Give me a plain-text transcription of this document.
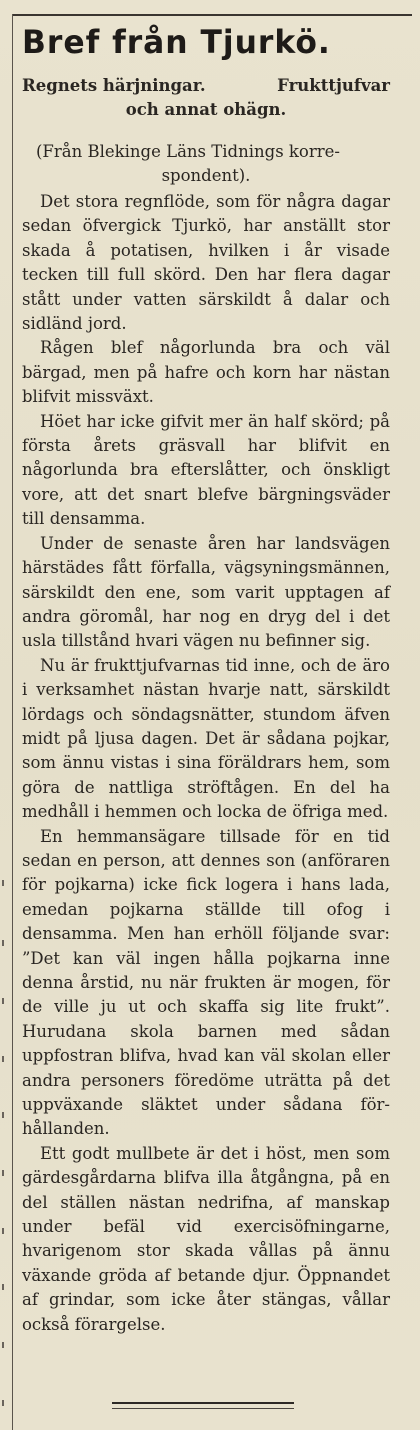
Bref från Tjurkö.
Regnets härjningar.	Frukttjufvar
och annat ohägn.
(Från Blekinge Läns Tidnings korre-
spondent).

Det stora regnflöde, som för några dagar sedan öfvergick Tjurkö, har anställt stor skada å potatisen, hvilken i år visade tecken till full skörd. Den har flera dagar stått under vatten särskildt å dalar och sidländ jord.

Rågen blef någorlunda bra och väl bärgad, men på hafre och korn har nästan blifvit missväxt.

Höet har icke gifvit mer än half skörd; på första årets gräsvall har blifvit en någorlunda bra efterslåtter, och önskligt vore, att det snart blefve bärgningsväder till densamma.

Under de senaste åren har landsvägen härstädes fått förfalla, vägsyningsmännen, särskildt den ene, som varit upptagen af andra göromål, har nog en dryg del i det usla tillstånd hvari vägen nu befinner sig.

Nu är frukttjufvarnas tid inne, och de äro i verksamhet nästan hvarje natt, särskildt lördags och söndagsnätter, stundom äfven midt på ljusa dagen. Det är sådana pojkar, som ännu vistas i sina föräldrars hem, som göra de nattliga ströftågen. En del ha medhåll i hemmen och locka de öfriga med.

En hemmansägare tillsade för en tid sedan en person, att dennes son (anföraren för pojkarna) icke fick logera i hans lada, emedan pojkarna ställde till ofog i densamma. Men han erhöll följande svar: ”Det kan väl ingen hålla pojkarna inne denna årstid, nu när frukten är mogen, för de ville ju ut och skaffa sig lite frukt”. Hurudana skola barnen med sådan uppfostran blifva, hvad kan väl skolan eller andra personers föredöme uträtta på det uppväxande släktet under sådana förhållanden.

Ett godt mullbete är det i höst, men som gärdesgårdarna blifva illa åtgångna, på en del ställen nästan nedrifna, af manskap under befäl vid exercisöfningarne, hvarigenom stor skada vållas på ännu växande gröda af betande djur. Öppnandet af grindar, som icke åter stängas, vållar också förargelse.
